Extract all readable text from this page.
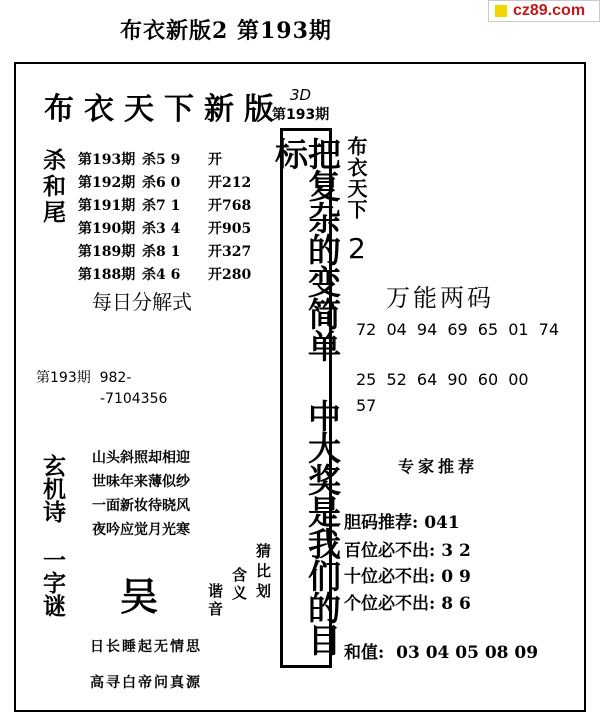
布衣新版2 第193期
cz89.com
布衣天下新版 3D
第193期
杀和尾 第193期 杀5 9	开
第192期 杀6 0	开212
第191期 杀7 1	开768
第190期 杀3 4	开905
第189期 杀8 1	开327
第188期 杀4 6	开280
每日分解式
第193期  982-
-7104356	把复杂的变简单 中大奖是我们的目标	布衣天下
2
万能两码
72 04 94 69 65 01 74
25 52 64 90 60 00
57
专家推荐
胆码推荐: 041
百位必不出: 3 2
十位必不出: 0 9
个位必不出: 8 6
和值:  03 04 05 08 09
玄机诗 山头斜照却相迎
世味年来薄似纱
一面新妆待晓风
夜吟应觉月光寒
一字谜 吴
猜
比
含
义
谐
音
划
日长睡起无情思
高寻白帝问真源
